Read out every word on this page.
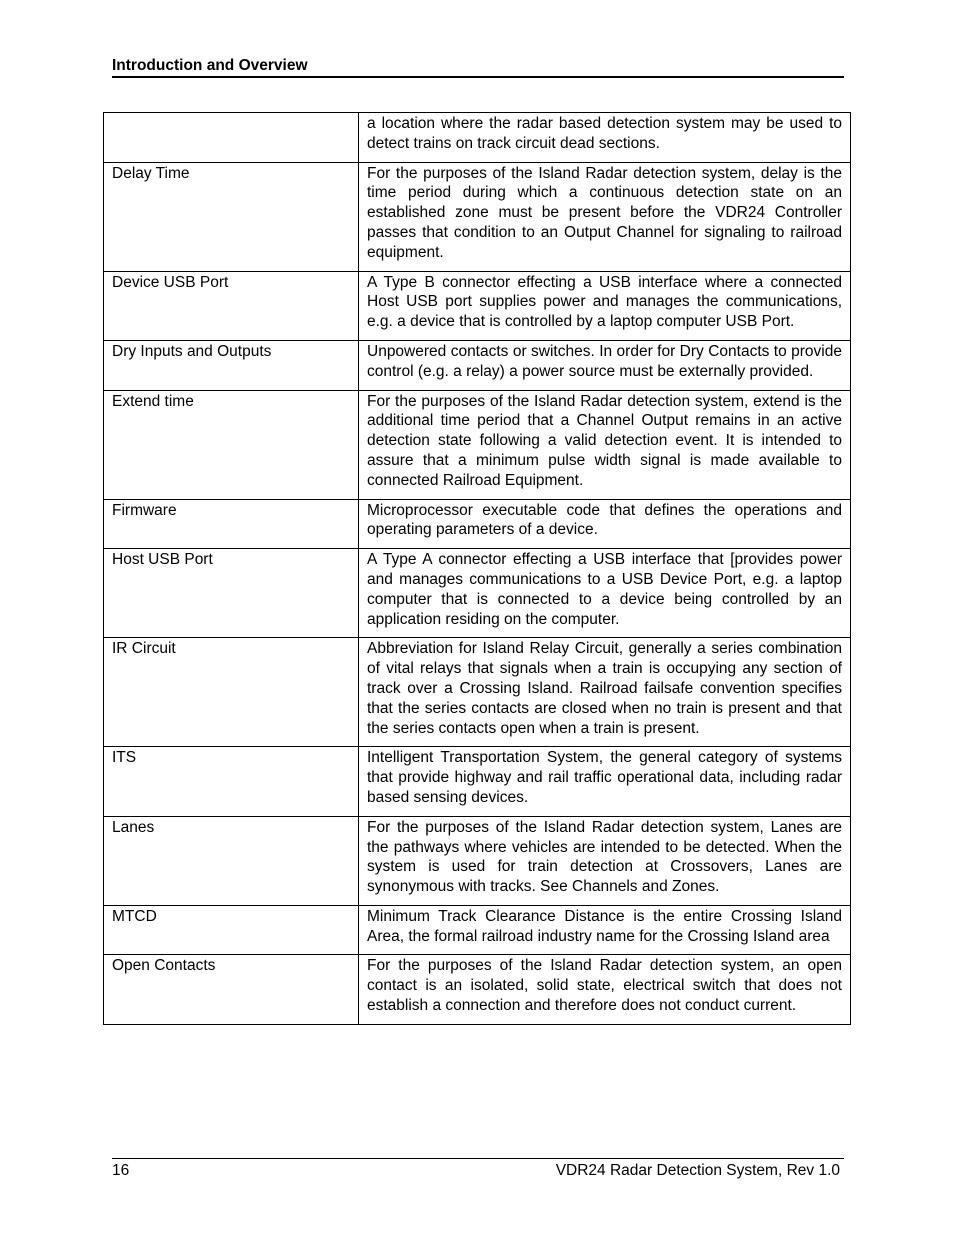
Introduction and Overview
	a location where the radar based detection system may be used to detect trains on track circuit dead sections.
Delay Time	For the purposes of the Island Radar detection system, delay is the time period during which a continuous detection state on an established zone must be present before the VDR24 Controller passes that condition to an Output Channel for signaling to railroad equipment.
Device USB Port	A Type B connector effecting a USB interface where a connected Host USB port supplies power and manages the communications, e.g. a device that is controlled by a laptop computer USB Port.
Dry Inputs and Outputs	Unpowered contacts or switches. In order for Dry Contacts to provide control (e.g. a relay) a power source must be externally provided.
Extend time	For the purposes of the Island Radar detection system, extend is the additional time period that a Channel Output remains in an active detection state following a valid detection event. It is intended to assure that a minimum pulse width signal is made available to connected Railroad Equipment.
Firmware	Microprocessor executable code that defines the operations and operating parameters of a device.
Host USB Port	A Type A connector effecting a USB interface that [provides power and manages communications to a USB Device Port, e.g. a laptop computer that is connected to a device being controlled by an application residing on the computer.
IR Circuit	Abbreviation for Island Relay Circuit, generally a series combination of vital relays that signals when a train is occupying any section of track over a Crossing Island. Railroad failsafe convention specifies that the series contacts are closed when no train is present and that the series contacts open when a train is present.
ITS	Intelligent Transportation System, the general category of systems that provide highway and rail traffic operational data, including radar based sensing devices.
Lanes	For the purposes of the Island Radar detection system, Lanes are the pathways where vehicles are intended to be detected. When the system is used for train detection at Crossovers, Lanes are synonymous with tracks. See Channels and Zones.
MTCD	Minimum Track Clearance Distance is the entire Crossing Island Area, the formal railroad industry name for the Crossing Island area
Open Contacts	For the purposes of the Island Radar detection system, an open contact is an isolated, solid state, electrical switch that does not establish a connection and therefore does not conduct current.
16	VDR24 Radar Detection System, Rev 1.0
